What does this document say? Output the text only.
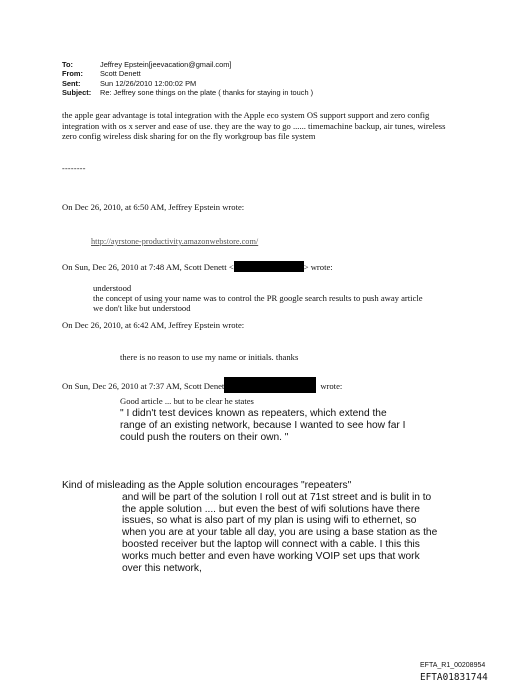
To:	Jeffrey Epstein[jeevacation@gmail.com]
From:	Scott Denett
Sent:	Sun 12/26/2010 12:00:02 PM
Subject:	Re: Jeffrey sone things on the plate ( thanks for staying in touch )
the apple gear advantage is total integration with the Apple eco system OS support support and zero config integration with os x server and ease of use. they are the way to go ...... timemachine backup, air tunes, wireless zero config wireless disk sharing for on the fly workgroup bas file system
--------
On Dec 26, 2010, at 6:50 AM, Jeffrey Epstein wrote:
http://ayrstone-productivity.amazonwebstore.com/
On Sun, Dec 26, 2010 at 7:48 AM, Scott Denett <	> wrote:
understood
the concept of using your name was to control the PR google search results to push away article we don't like but understood
On Dec 26, 2010, at 6:42 AM, Jeffrey Epstein wrote:
there is no reason to use my name or initials. thanks
On Sun, Dec 26, 2010 at 7:37 AM, Scott Denet	wrote:
Good article ... but to be clear he states
" I didn't test devices known as repeaters, which extend the range of an existing network, because I wanted to see how far I could push the routers on their own. "
Kind of misleading as the Apple solution encourages "repeaters"
and will be part of the solution I roll out at 71st street and is bulit in to the apple solution .... but even the best of wifi solutions have there issues, so what is also part of my plan is using wifi to ethernet, so when you are at your table all day, you are using a base station as the boosted receiver but the laptop will connect with a cable. I this this works much better and even have working VOIP set ups that work over this network,
EFTA_R1_00208954
EFTA01831744
